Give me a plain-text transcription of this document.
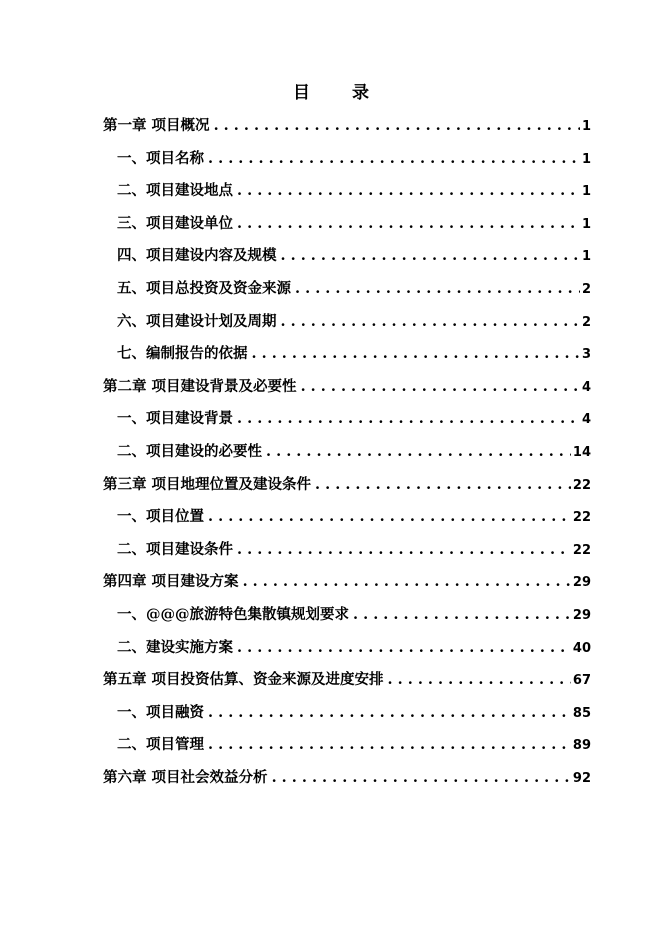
目 录
第一章 项目概况 . . .	1
一、项目名称 . . .	1
二、项目建设地点 . . .	1
三、项目建设单位 . . .	1
四、项目建设内容及规模 . . .	1
五、项目总投资及资金来源 . . .	2
六、项目建设计划及周期 . . .	2
七、编制报告的依据 . . .	3
第二章 项目建设背景及必要性 . . .	4
一、项目建设背景 . . .	4
二、项目建设的必要性 . . .	14
第三章 项目地理位置及建设条件 . . .	22
一、项目位置 . . .	22
二、项目建设条件 . . .	22
第四章 项目建设方案 . . .	29
一、@@@旅游特色集散镇规划要求 . . .	29
二、建设实施方案 . . .	40
第五章 项目投资估算、资金来源及进度安排 . . .	67
一、项目融资 . . .	85
二、项目管理 . . .	89
第六章 项目社会效益分析 . . .	92
